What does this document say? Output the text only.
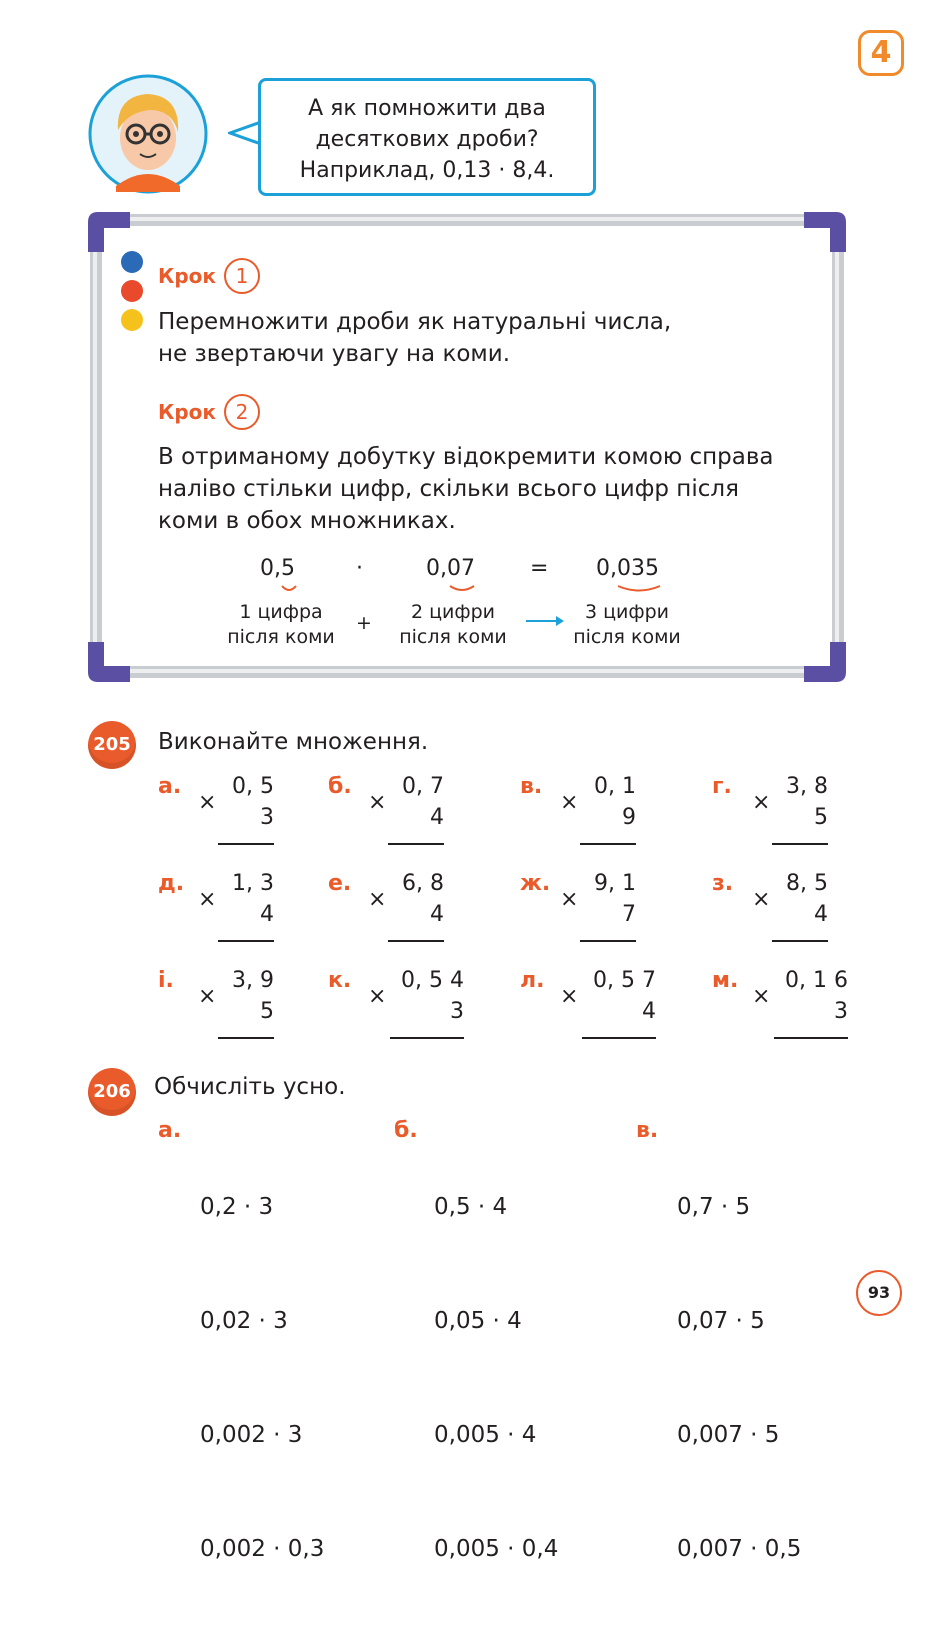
4
А як помножити два
десяткових дроби?
Наприклад, 0,13 · 8,4.
Крок 1
Перемножити дроби як натуральні числа,
не звертаючи увагу на коми.
Крок 2
В отриманому добутку відокремити комою справа
наліво стільки цифр, скільки всього цифр після
коми в обох множниках.
0,5	·	0,07	= 0,035
1 цифра
після коми
+	2 цифри
після коми
3 цифри
після коми
205 Виконайте множення.
а.
×
0, 5
3
б.
×
0, 7
4
в.
×
0, 1
9
г.
×
3, 8
5
д.
×
1, 3
4
е.
×
6, 8
4
ж.
×
9, 1
7
з.
×
8, 5
4
і.
×
3, 9
5
к.
×
0, 5 4
3
л.
×
0, 5 7
4
м.
×
0, 1 6
3
206 Обчисліть усно.
а.

0,2 · 3

0,02 · 3

0,002 · 3

0,002 · 0,3

б.

0,5 · 4

0,05 · 4

0,005 · 4

0,005 · 0,4

в.

0,7 · 5

0,07 · 5

0,007 · 5

0,007 · 0,5

93
